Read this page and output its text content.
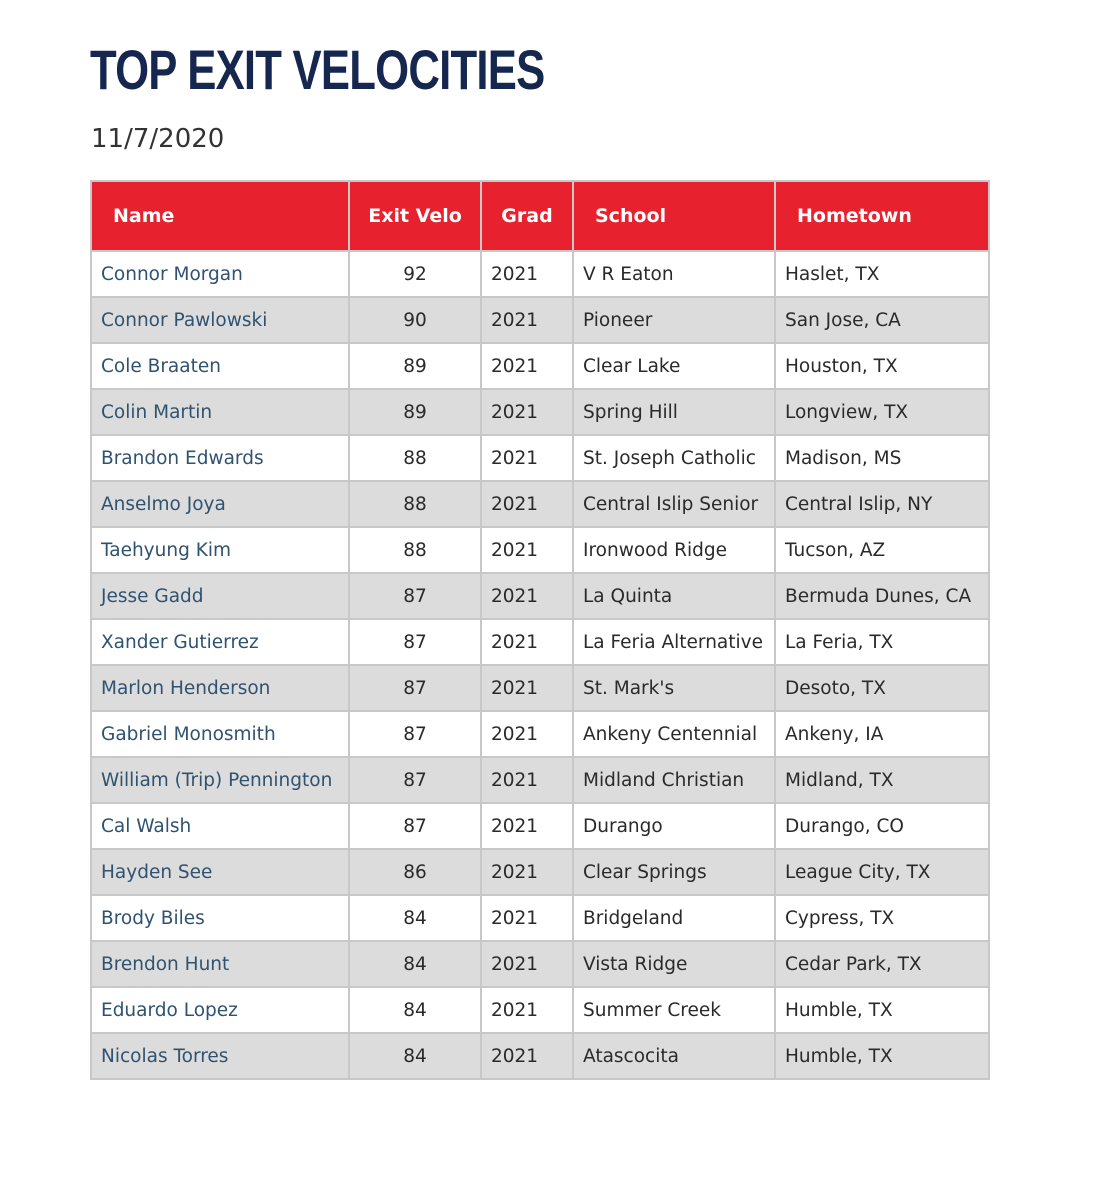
TOP EXIT VELOCITIES
11/7/2020
Name	Exit Velo	Grad	School	Hometown
Connor Morgan	92	2021	V R Eaton	Haslet, TX
Connor Pawlowski	90	2021	Pioneer	San Jose, CA
Cole Braaten	89	2021	Clear Lake	Houston, TX
Colin Martin	89	2021	Spring Hill	Longview, TX
Brandon Edwards	88	2021	St. Joseph Catholic	Madison, MS
Anselmo Joya	88	2021	Central Islip Senior	Central Islip, NY
Taehyung Kim	88	2021	Ironwood Ridge	Tucson, AZ
Jesse Gadd	87	2021	La Quinta	Bermuda Dunes, CA
Xander Gutierrez	87	2021	La Feria Alternative	La Feria, TX
Marlon Henderson	87	2021	St. Mark's	Desoto, TX
Gabriel Monosmith	87	2021	Ankeny Centennial	Ankeny, IA
William (Trip) Pennington	87	2021	Midland Christian	Midland, TX
Cal Walsh	87	2021	Durango	Durango, CO
Hayden See	86	2021	Clear Springs	League City, TX
Brody Biles	84	2021	Bridgeland	Cypress, TX
Brendon Hunt	84	2021	Vista Ridge	Cedar Park, TX
Eduardo Lopez	84	2021	Summer Creek	Humble, TX
Nicolas Torres	84	2021	Atascocita	Humble, TX
